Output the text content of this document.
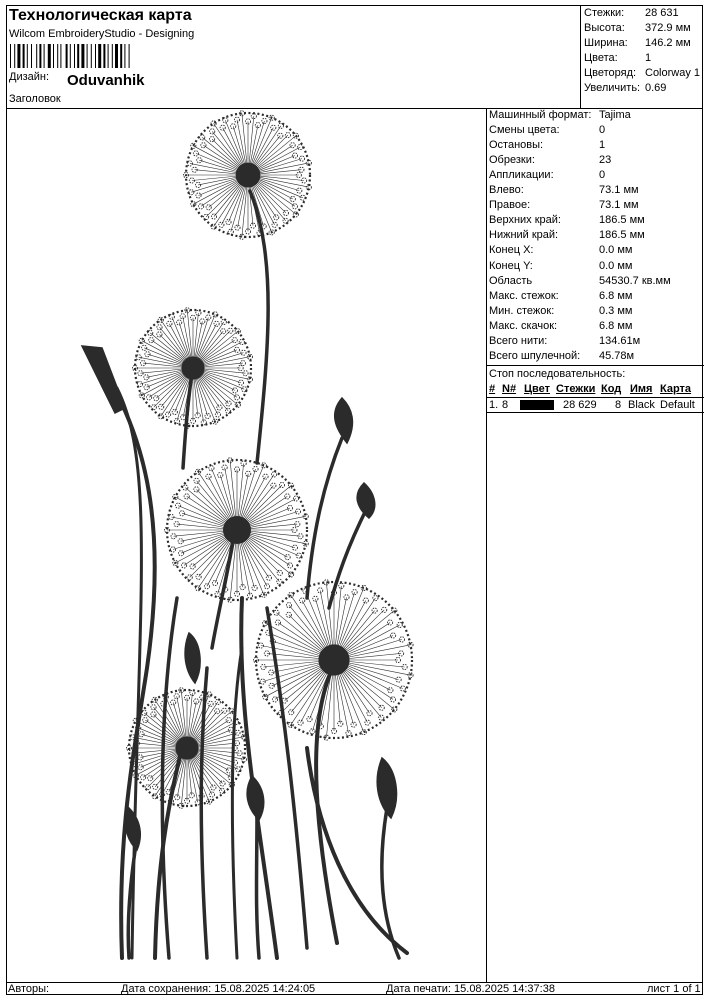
Технологическая карта
Wilcom EmbroideryStudio - Designing
Дизайн: Oduvanhik
Заголовок
Стежки: 28 631
Высота: 372.9 мм
Ширина: 146.2 мм
Цвета: 1
Цветоряд: Colorway 1
Увеличить: 0.69
Машинный формат: Tajima
Смены цвета:	0
Остановы:	1
Обрезки:	23
Аппликации:	0
Влево:	73.1 мм
Правое:	73.1 мм
Верхних край:	186.5 мм
Нижний край:	186.5 мм
Конец X:	0.0 мм
Конец Y:	0.0 мм
Область	54530.7 кв.мм
Макс. стежок:	6.8 мм
Мин. стежок:	0.3 мм
Макс. скачок:	6.8 мм
Всего нити:	134.61м
Всего шпулечной: 45.78м
Стоп последовательность:
# N# Цвет Стежки Код Имя Карта
1. 8	28 629 8 Black Default
Авторы:	Дата сохранения: 15.08.2025 14:24:05	Дата печати: 15.08.2025 14:37:38	лист 1 of 1
